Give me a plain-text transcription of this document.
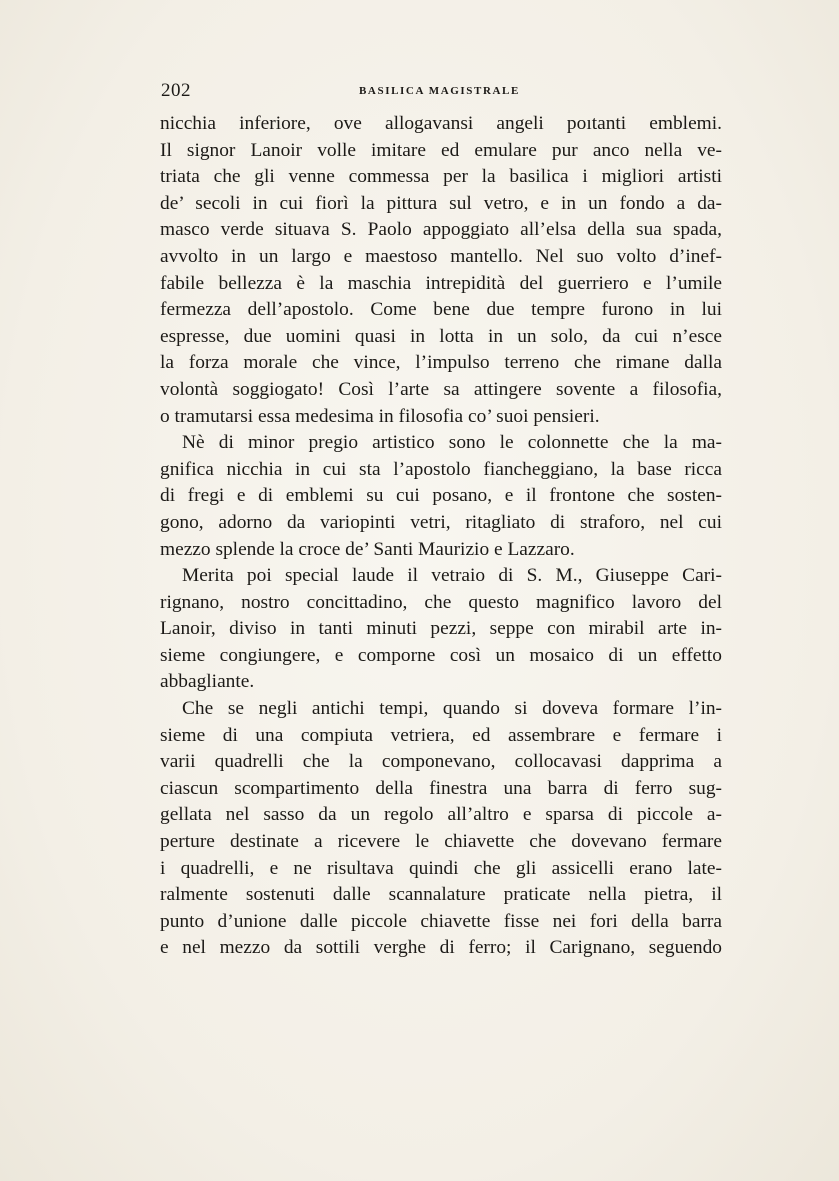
202	BASILICA MAGISTRALE

nicchia inferiore, ove allogavansi angeli poıtanti emblemi.
Il signor Lanoir volle imitare ed emulare pur anco nella ve-
triata che gli venne commessa per la basilica i migliori artisti
de’ secoli in cui fiorì la pittura sul vetro, e in un fondo a da-
masco verde situava S. Paolo appoggiato all’elsa della sua spada,
avvolto in un largo e maestoso mantello. Nel suo volto d’inef-
fabile bellezza è la maschia intrepidità del guerriero e l’umile
fermezza dell’apostolo. Come bene due tempre furono in lui
espresse, due uomini quasi in lotta in un solo, da cui n’esce
la forza morale che vince, l’impulso terreno che rimane dalla
volontà soggiogato! Così l’arte sa attingere sovente a filosofia,
o tramutarsi essa medesima in filosofia co’ suoi pensieri.

Nè di minor pregio artistico sono le colonnette che la ma-
gnifica nicchia in cui sta l’apostolo fiancheggiano, la base ricca
di fregi e di emblemi su cui posano, e il frontone che sosten-
gono, adorno da variopinti vetri, ritagliato di straforo, nel cui
mezzo splende la croce de’ Santi Maurizio e Lazzaro.

Merita poi special laude il vetraio di S. M., Giuseppe Cari-
rignano, nostro concittadino, che questo magnifico lavoro del
Lanoir, diviso in tanti minuti pezzi, seppe con mirabil arte in-
sieme congiungere, e comporne così un mosaico di un effetto
abbagliante.

Che se negli antichi tempi, quando si doveva formare l’in-
sieme di una compiuta vetriera, ed assembrare e fermare i
varii quadrelli che la componevano, collocavasi dapprima a
ciascun scompartimento della finestra una barra di ferro sug-
gellata nel sasso da un regolo all’altro e sparsa di piccole a-
perture destinate a ricevere le chiavette che dovevano fermare
i quadrelli, e ne risultava quindi che gli assicelli erano late-
ralmente sostenuti dalle scannalature praticate nella pietra, il
punto d’unione dalle piccole chiavette fisse nei fori della barra
e nel mezzo da sottili verghe di ferro; il Carignano, seguendo
